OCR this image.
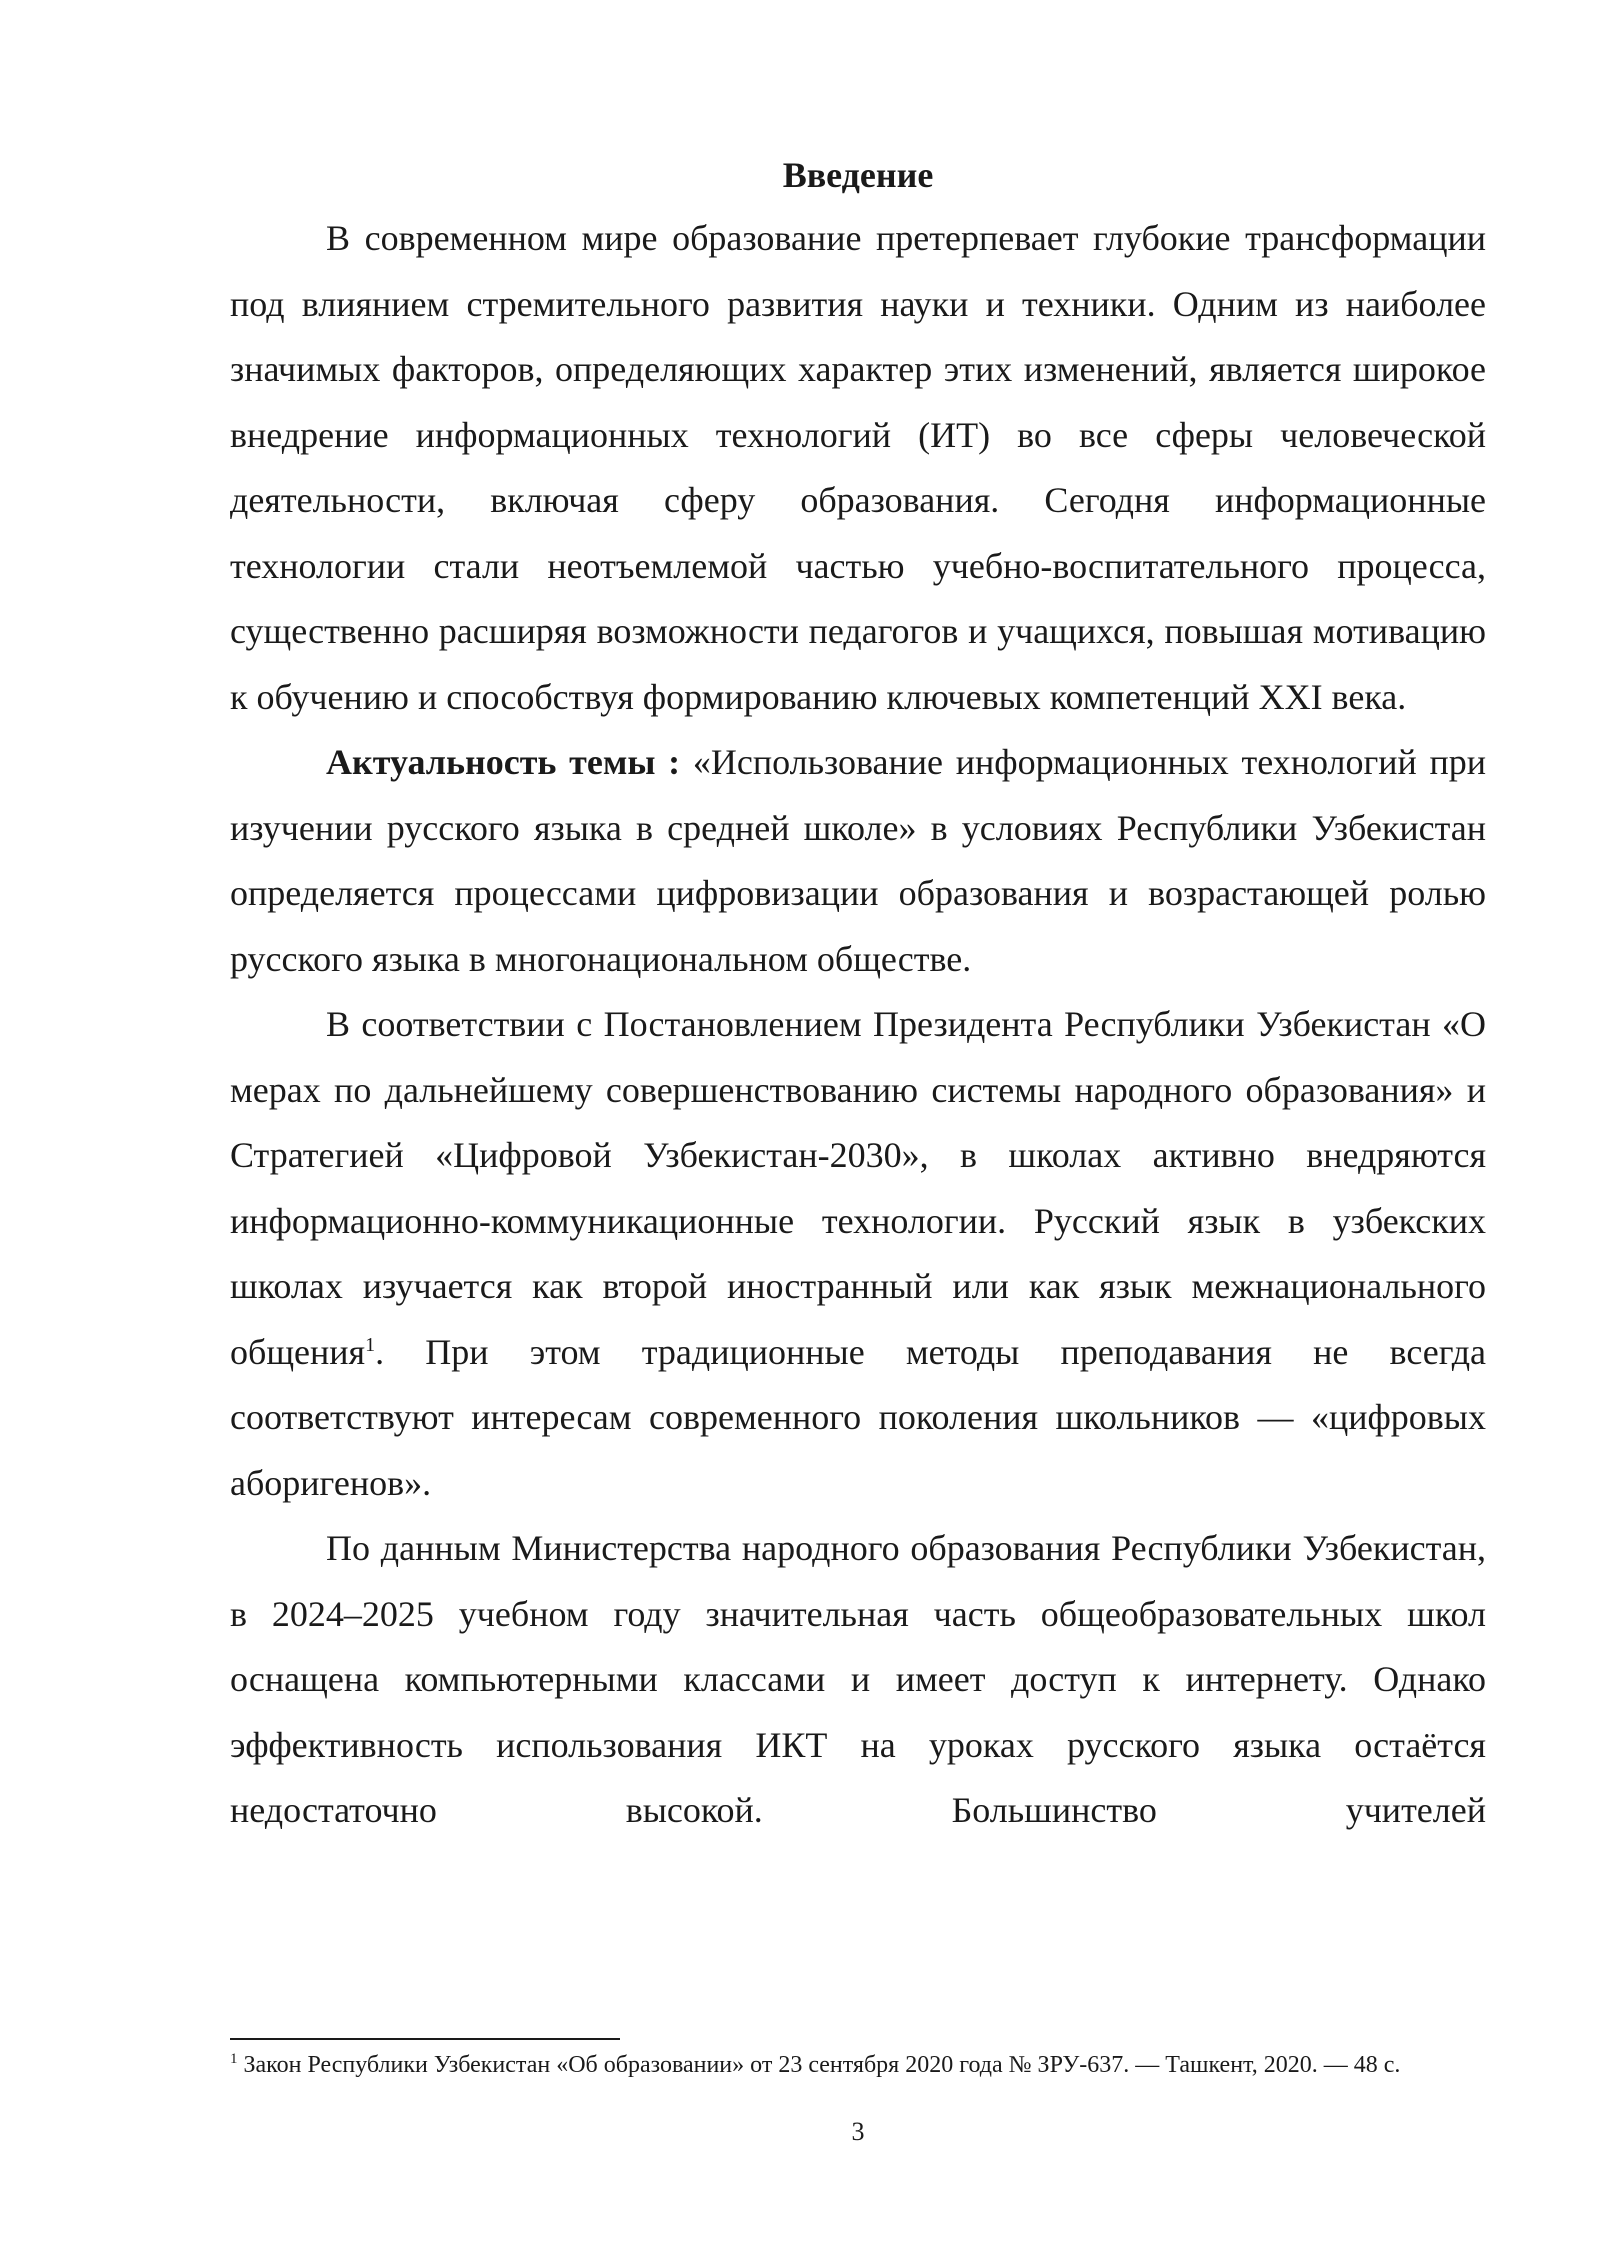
Введение

В современном мире образование претерпевает глубокие трансформации под влиянием стремительного развития науки и техники. Одним из наиболее значимых факторов, определяющих характер этих изменений, является широкое внедрение информационных технологий (ИТ) во все сферы человеческой деятельности, включая сферу образования. Сегодня информационные технологии стали неотъемлемой частью учебно-воспитательного процесса, существенно расширяя возможности педагогов и учащихся, повышая мотивацию к обучению и способствуя формированию ключевых компетенций XXI века.

Актуальность темы : «Использование информационных технологий при изучении русского языка в средней школе» в условиях Республики Узбекистан определяется процессами цифровизации образования и возрастающей ролью русского языка в многонациональном обществе.

В соответствии с Постановлением Президента Республики Узбекистан «О мерах по дальнейшему совершенствованию системы народного образования» и Стратегией «Цифровой Узбекистан-2030», в школах активно внедряются информационно-коммуникационные технологии. Русский язык в узбекских школах изучается как второй иностранный или как язык межнационального общения$^1$. При этом традиционные методы преподавания не всегда соответствуют интересам современного поколения школьников — «цифровых аборигенов».

По данным Министерства народного образования Республики Узбекистан, в 2024–2025 учебном году значительная часть общеобразовательных школ оснащена компьютерными классами и имеет доступ к интернету. Однако эффективность использования ИКТ на уроках русского языка остаётся недостаточно высокой. Большинство учителей

$^1$ Закон Республики Узбекистан «Об образовании» от 23 сентября 2020 года № ЗРУ-637. — Ташкент, 2020. — 48 с.

3
